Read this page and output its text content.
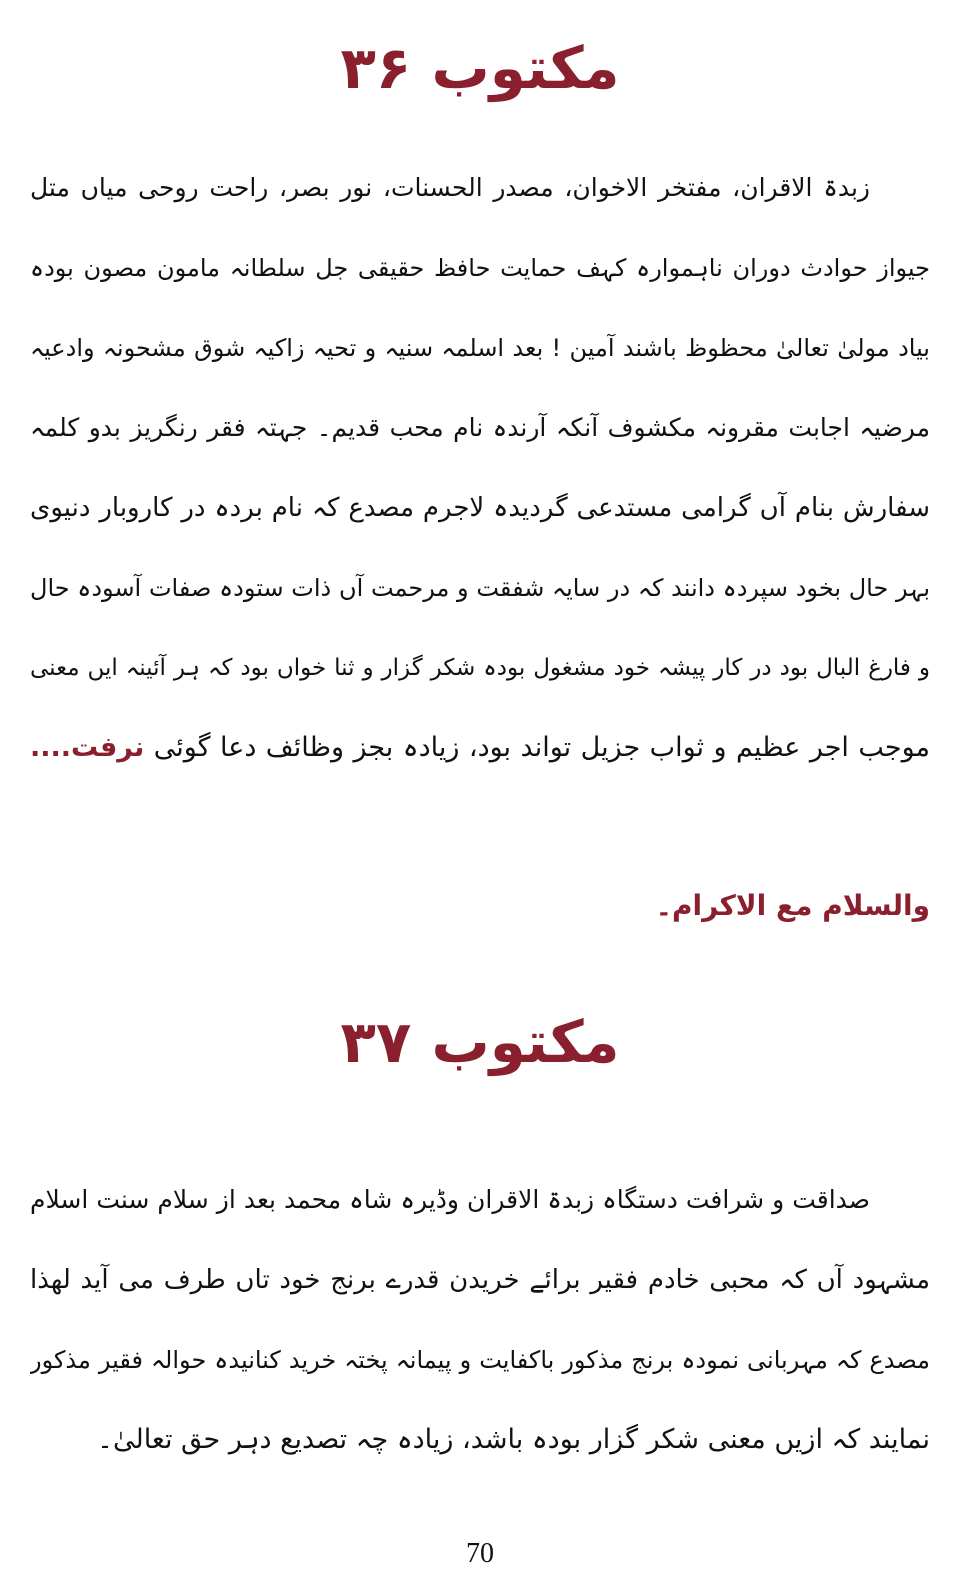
مکتوب ۳۶
زبدۃ الاقران، مفتخر الاخوان، مصدر الحسنات، نور بصر، راحت روحی میاں متل
جیواز حوادث دوران ناہموارہ کہف حمایت حافظ حقیقی جل سلطانہ مامون مصون بودہ
بیاد مولیٰ تعالیٰ محظوظ باشند آمین ! بعد اسلمہ سنیہ و تحیہ زاکیہ شوق مشحونہ وادعیہ
مرضیہ اجابت مقرونہ مکشوف آنکہ آرندہ نام محب قدیم۔ جہتہ فقر رنگریز بدو کلمہ
سفارش بنام آں گرامی مستدعی گردیدہ لاجرم مصدع کہ نام بردہ در کاروبار دنیوی
بہر حال بخود سپردہ دانند کہ در سایہ شفقت و مرحمت آں ذات ستودہ صفات آسودہ حال
و فارغ البال بود در کار پیشہ خود مشغول بودہ شکر گزار و ثنا خواں بود کہ ہر آئینہ ایں معنی
موجب اجر عظیم و ثواب جزیل تواند بود، زیادہ بجز وظائف دعا گوئی نرفت....
والسلام مع الاکرام۔
مکتوب ۳۷
صداقت و شرافت دستگاہ زبدۃ الاقران وڈیرہ شاہ محمد بعد از سلام سنت اسلام
مشہود آں کہ محبی خادم فقیر برائے خریدن قدرے برنج خود تاں طرف می آید لھذا
مصدع کہ مہربانی نمودہ برنج مذکور باکفایت و پیمانہ پختہ خرید کنانیدہ حوالہ فقیر مذکور
نمایند کہ ازیں معنی شکر گزار بودہ باشد، زیادہ چہ تصدیع دہر حق تعالیٰ۔
70
